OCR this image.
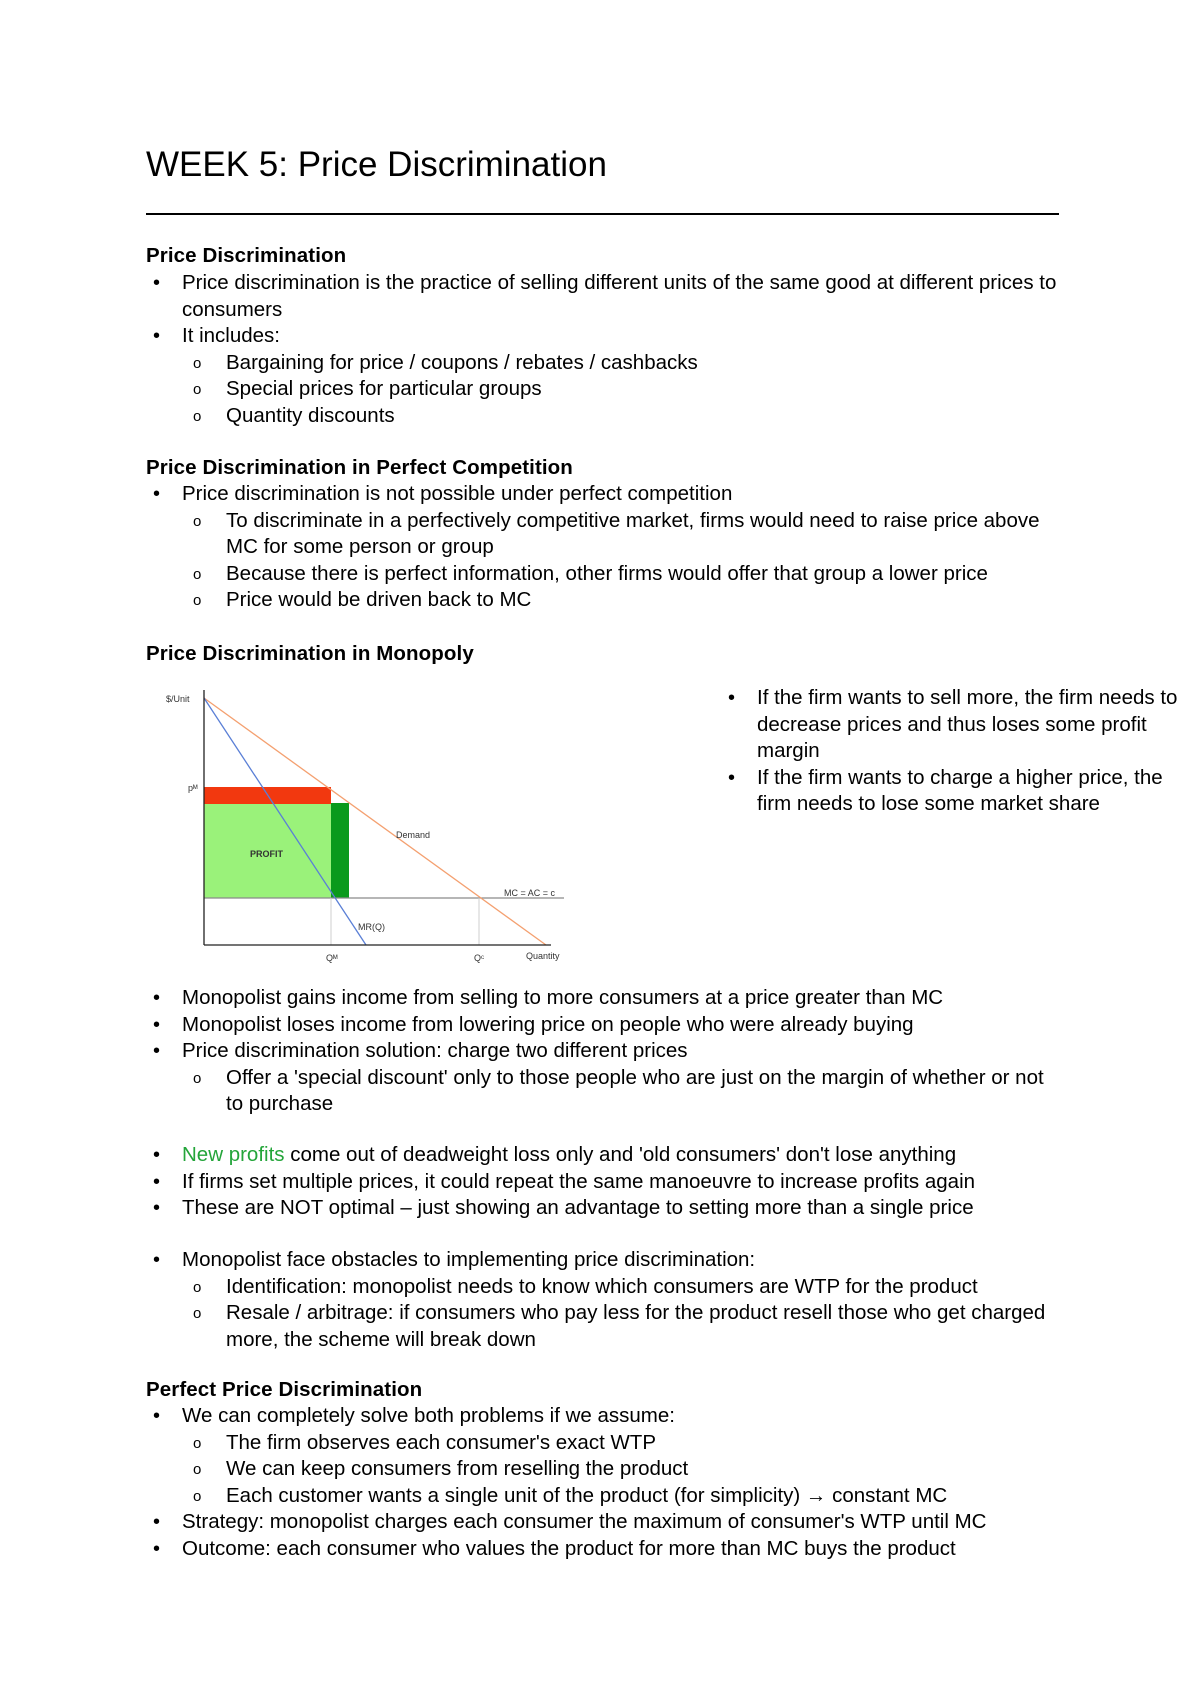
WEEK 5: Price Discrimination
Price Discrimination
• Price discrimination is the practice of selling different units of the same good at different prices to consumers
• It includes:
o Bargaining for price / coupons / rebates / cashbacks
o Special prices for particular groups
o Quantity discounts
Price Discrimination in Perfect Competition
• Price discrimination is not possible under perfect competition
o To discriminate in a perfectively competitive market, firms would need to raise price above MC for some person or group
o Because there is perfect information, other firms would offer that group a lower price
o Price would be driven back to MC
Price Discrimination in Monopoly
$/Unit
pᴹ
PROFIT
Demand
MC = AC = c
MR(Q)
Qᴹ	Qᶜ	Quantity
• If the firm wants to sell more, the firm needs to decrease prices and thus loses some profit margin
• If the firm wants to charge a higher price, the firm needs to lose some market share
• Monopolist gains income from selling to more consumers at a price greater than MC
• Monopolist loses income from lowering price on people who were already buying
• Price discrimination solution: charge two different prices
o Offer a 'special discount' only to those people who are just on the margin of whether or not to purchase
• New profits come out of deadweight loss only and 'old consumers' don't lose anything
• If firms set multiple prices, it could repeat the same manoeuvre to increase profits again
• These are NOT optimal – just showing an advantage to setting more than a single price
• Monopolist face obstacles to implementing price discrimination:
o Identification: monopolist needs to know which consumers are WTP for the product
o Resale / arbitrage: if consumers who pay less for the product resell those who get charged more, the scheme will break down
Perfect Price Discrimination
• We can completely solve both problems if we assume:
o The firm observes each consumer's exact WTP
o We can keep consumers from reselling the product
o Each customer wants a single unit of the product (for simplicity) → constant MC
• Strategy: monopolist charges each consumer the maximum of consumer's WTP until MC
• Outcome: each consumer who values the product for more than MC buys the product
